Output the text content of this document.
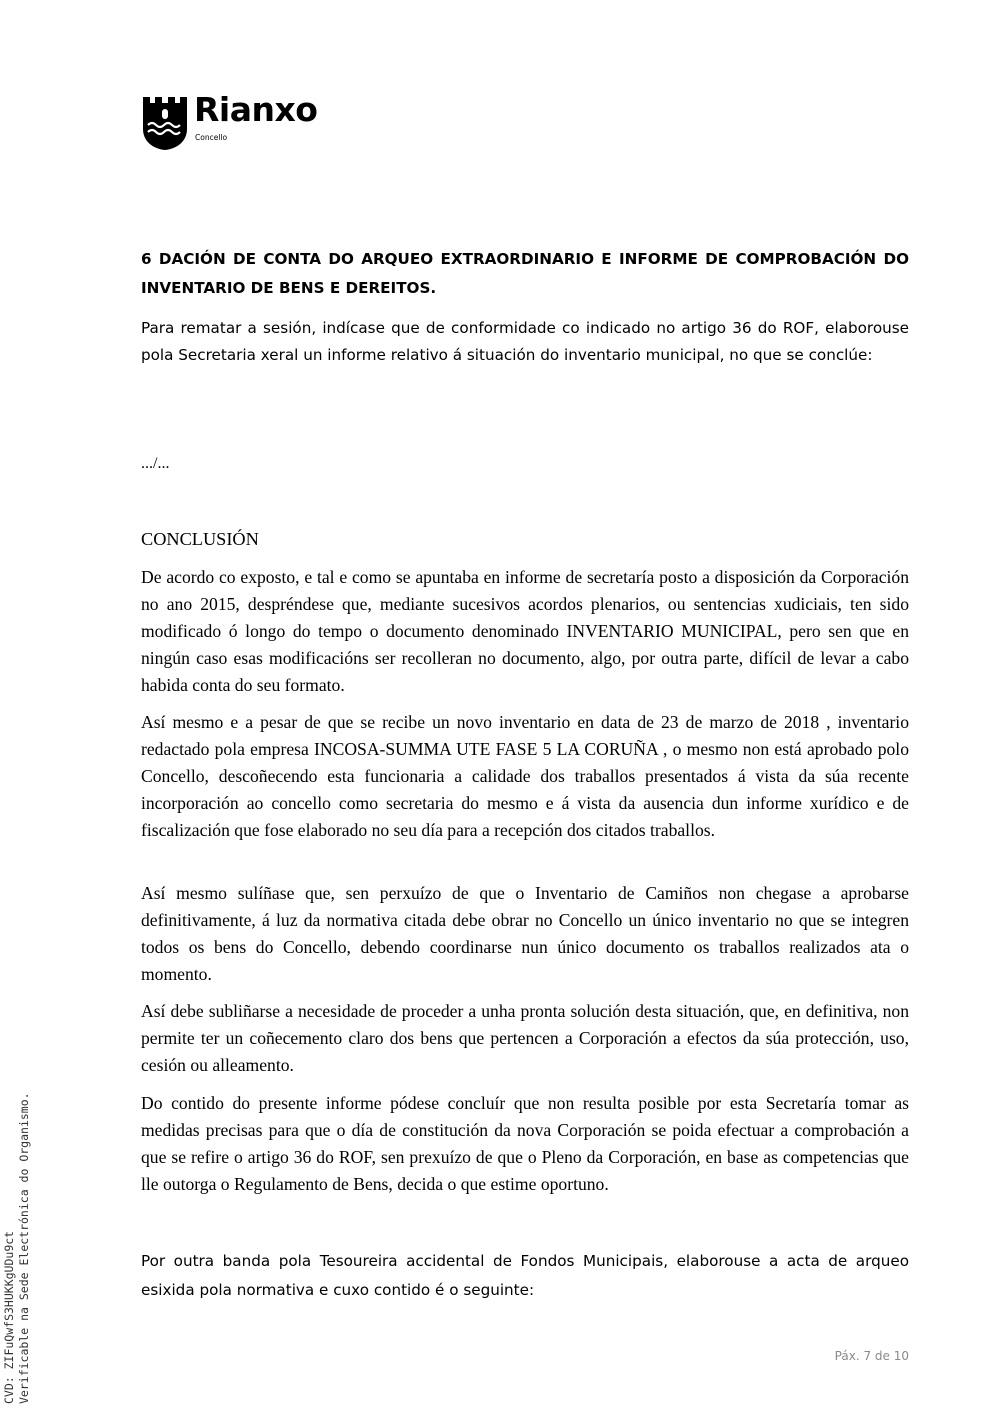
Rianxo
Concello

6 DACIÓN DE CONTA DO ARQUEO EXTRAORDINARIO E INFORME DE COMPROBACIÓN DO INVENTARIO DE BENS E DEREITOS.

Para rematar a sesión, indícase que de conformidade co indicado no artigo 36 do ROF, elaborouse pola Secretaria xeral un informe relativo á situación do inventario municipal, no que se conclúe:

.../...

CONCLUSIÓN

De acordo co exposto, e tal e como se apuntaba en informe de secretaría posto a disposición da Corporación no ano 2015, despréndese que, mediante sucesivos acordos plenarios, ou sentencias xudiciais, ten sido modificado ó longo do tempo o documento denominado INVENTARIO MUNICIPAL, pero sen que en ningún caso esas modificacións ser recolleran no documento, algo, por outra parte, difícil de levar a cabo habida conta do seu formato.

Así mesmo e a pesar de que se recibe un novo inventario en data de 23 de marzo de 2018 , inventario redactado pola empresa INCOSA-SUMMA UTE FASE 5 LA CORUÑA , o mesmo non está aprobado polo Concello, descoñecendo esta funcionaria a calidade dos traballos presentados á vista da súa recente incorporación ao concello como secretaria do mesmo e á vista da ausencia dun informe xurídico e de fiscalización que fose elaborado no seu día para a recepción dos citados traballos.

Así mesmo sulíñase que, sen perxuízo de que o Inventario de Camiños non chegase a aprobarse definitivamente, á luz da normativa citada debe obrar no Concello un único inventario no que se integren todos os bens do Concello, debendo coordinarse nun único documento os traballos realizados ata o momento.

Así debe subliñarse a necesidade de proceder a unha pronta solución desta situación, que, en definitiva, non permite ter un coñecemento claro dos bens que pertencen a Corporación a efectos da súa protección, uso, cesión ou alleamento.

Do contido do presente informe pódese concluír que non resulta posible por esta Secretaría tomar as medidas precisas para que o día de constitución da nova Corporación se poida efectuar a comprobación a que se refire o artigo 36 do ROF, sen prexuízo de que o Pleno da Corporación, en base as competencias que lle outorga o Regulamento de Bens, decida o que estime oportuno.

Por outra banda pola Tesoureira accidental de Fondos Municipais, elaborouse a acta de arqueo esixida pola normativa e cuxo contido é o seguinte:

Páx. 7 de 10
CVD: ZIFuQwfS3HUKKgUDu9ct Verificable na Sede Electrónica do Organismo.
